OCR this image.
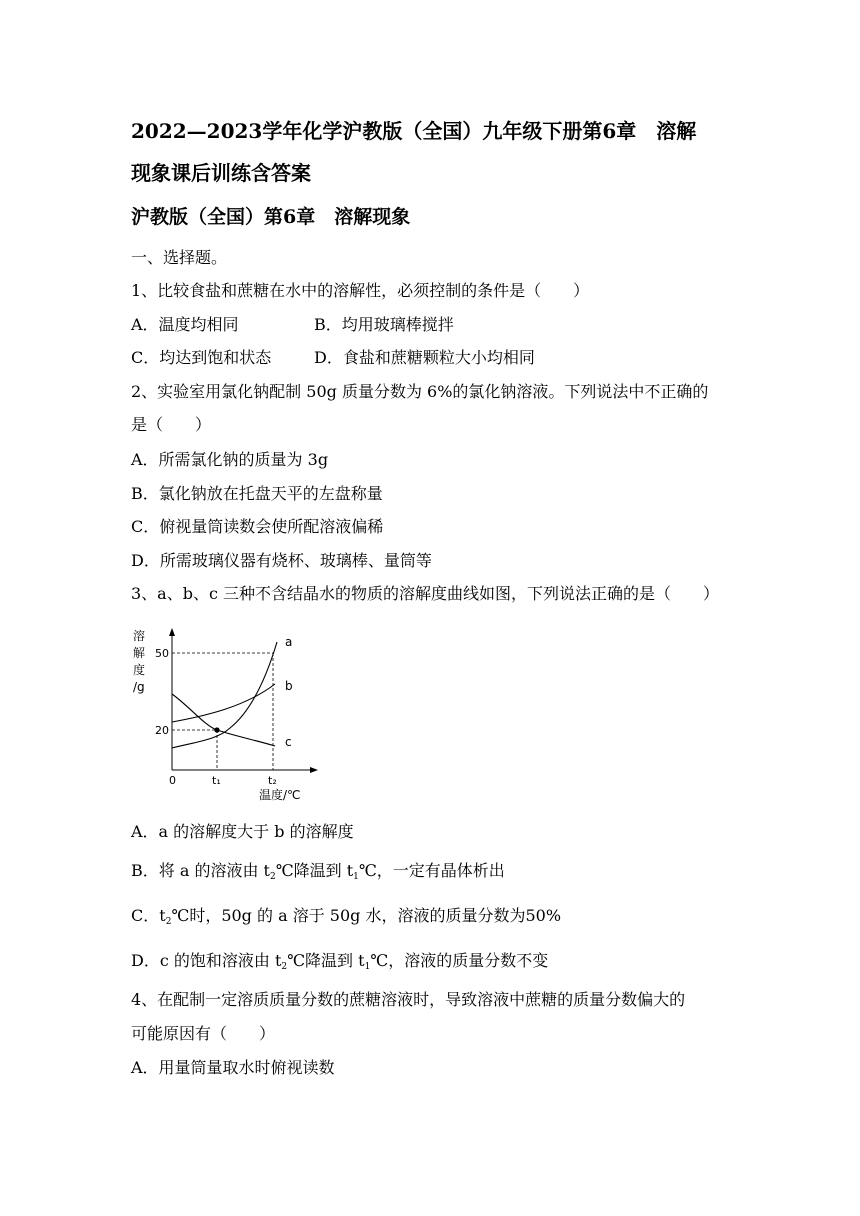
2022—2023学年化学沪教版（全国）九年级下册第6章　溶解
现象课后训练含答案
沪教版（全国）第6章　溶解现象
一、选择题。
1、比较食盐和蔗糖在水中的溶解性，必须控制的条件是（　　）
A．温度均相同	B．均用玻璃棒搅拌
C．均达到饱和状态	D．食盐和蔗糖颗粒大小均相同
2、实验室用氯化钠配制 50g 质量分数为 6%的氯化钠溶液。下列说法中不正确的
是（　　）
A．所需氯化钠的质量为 3g
B．氯化钠放在托盘天平的左盘称量
C．俯视量筒读数会使所配溶液偏稀
D．所需玻璃仪器有烧杯、玻璃棒、量筒等
3、a、b、c 三种不含结晶水的物质的溶解度曲线如图，下列说法正确的是（　　）
a
b
c
溶
解
度
/g
50
20
0	t₁	t₂
温度/℃
A．a 的溶解度大于 b 的溶解度
B．将 a 的溶液由 $t_2℃$降温到 $t_1℃$，一定有晶体析出
C．$t_2℃$时，50g 的 a 溶于 50g 水，溶液的质量分数为50%
D．c 的饱和溶液由 $t_2℃$降温到 $t_1℃$，溶液的质量分数不变
4、在配制一定溶质质量分数的蔗糖溶液时，导致溶液中蔗糖的质量分数偏大的
可能原因有（　　）
A．用量筒量取水时俯视读数
